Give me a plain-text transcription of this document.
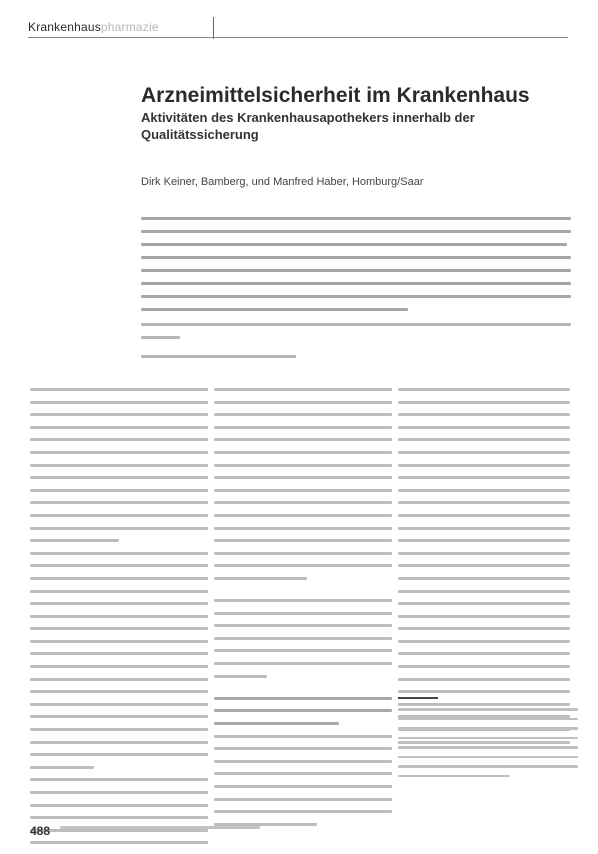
Krankenhauspharmazie
Arzneimittelsicherheit im Krankenhaus
Aktivitäten des Krankenhausapothekers innerhalb der Qualitätssicherung
Dirk Keiner, Bamberg, und Manfred Haber, Homburg/Saar
488
